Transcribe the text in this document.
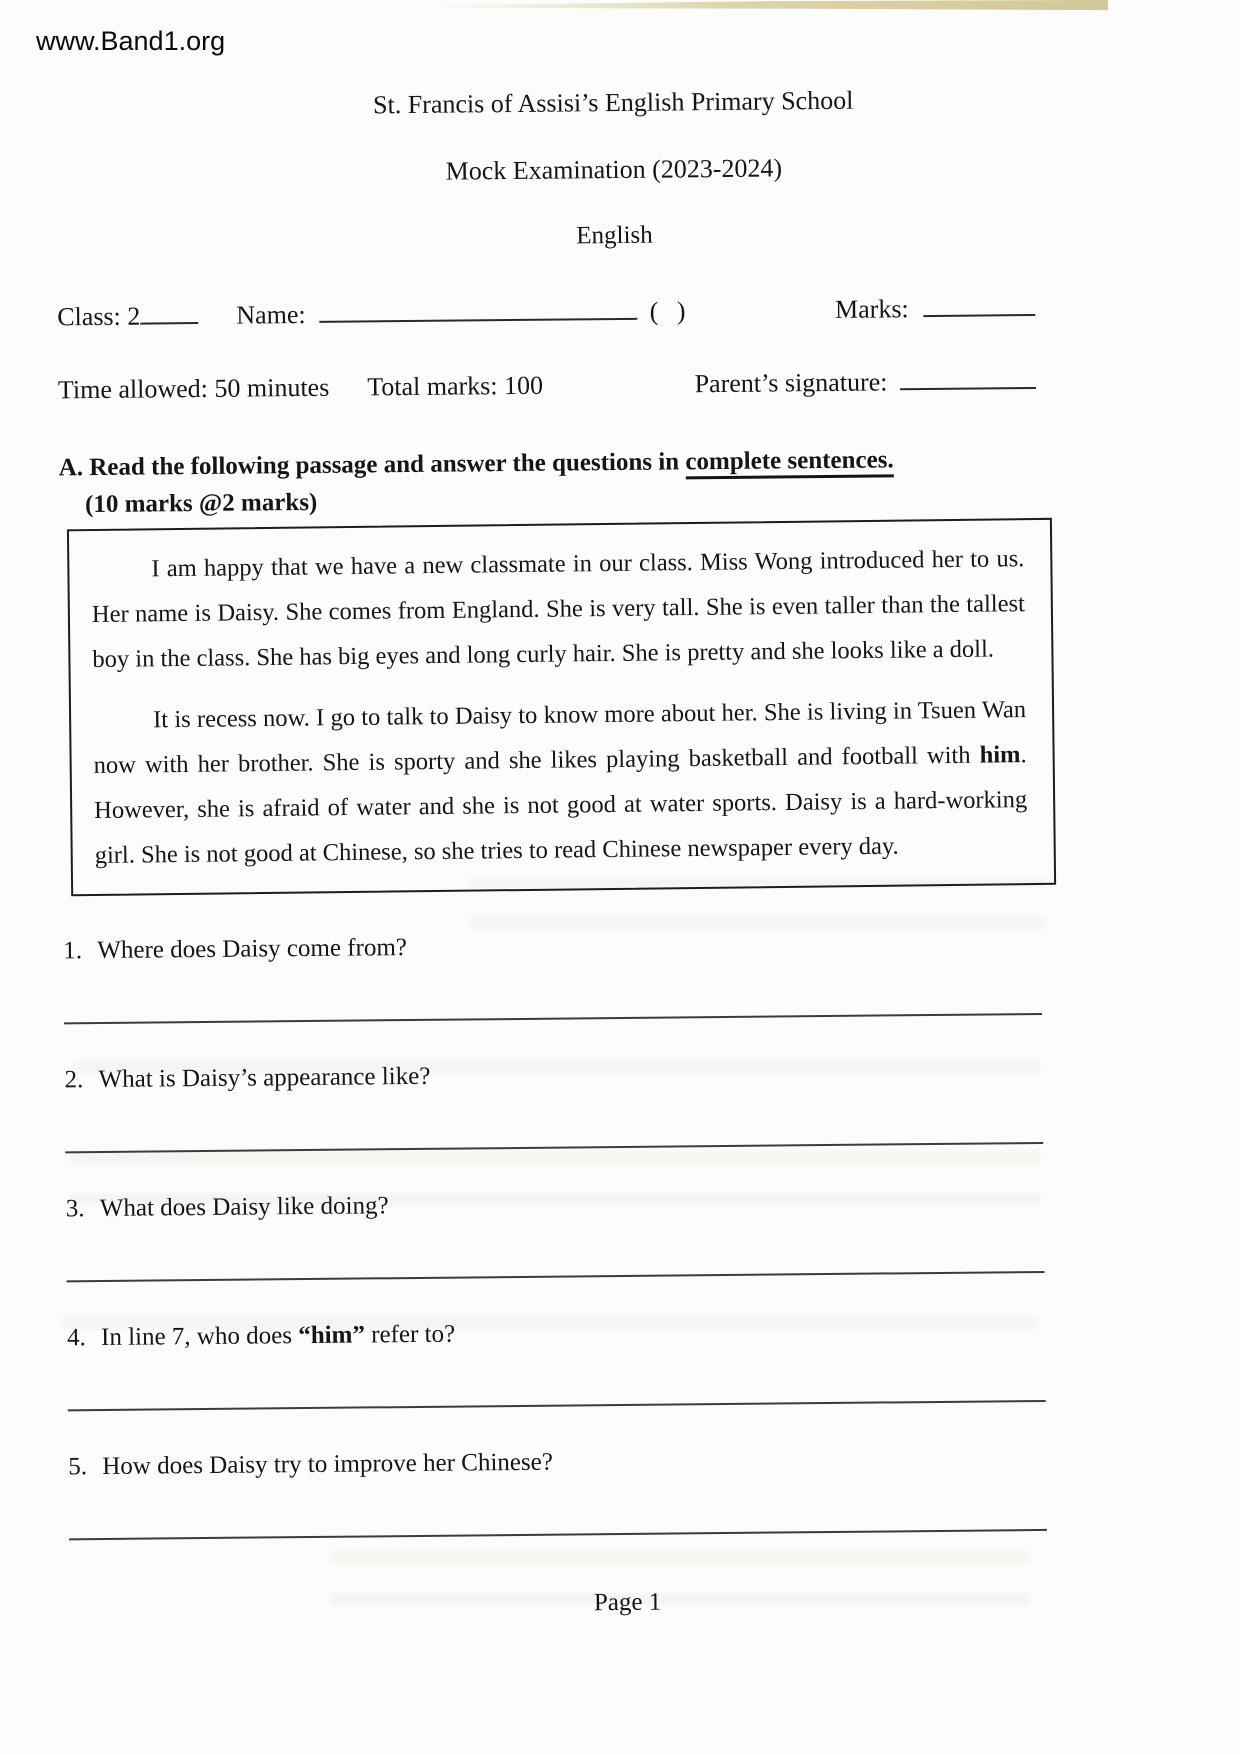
www.Band1.org
St. Francis of Assisi’s English Primary School
Mock Examination (2023-2024)
English
Class: 2	Name:	( )	Marks:
Time allowed: 50 minutes Total marks: 100	Parent’s signature:
A. Read the following passage and answer the questions in complete sentences.
(10 marks @2 marks)

I am happy that we have a new classmate in our class. Miss Wong introduced her to us. Her name is Daisy. She comes from England. She is very tall. She is even taller than the tallest boy in the class. She has big eyes and long curly hair. She is pretty and she looks like a doll.

It is recess now. I go to talk to Daisy to know more about her. She is living in Tsuen Wan now with her brother. She is sporty and she likes playing basketball and football with him. However, she is afraid of water and she is not good at water sports. Daisy is a hard-working girl. She is not good at Chinese, so she tries to read Chinese newspaper every day.

1. Where does Daisy come from?
2. What is Daisy’s appearance like?
3. What does Daisy like doing?
4. In line 7, who does “him” refer to?
5. How does Daisy try to improve her Chinese?
Page 1
